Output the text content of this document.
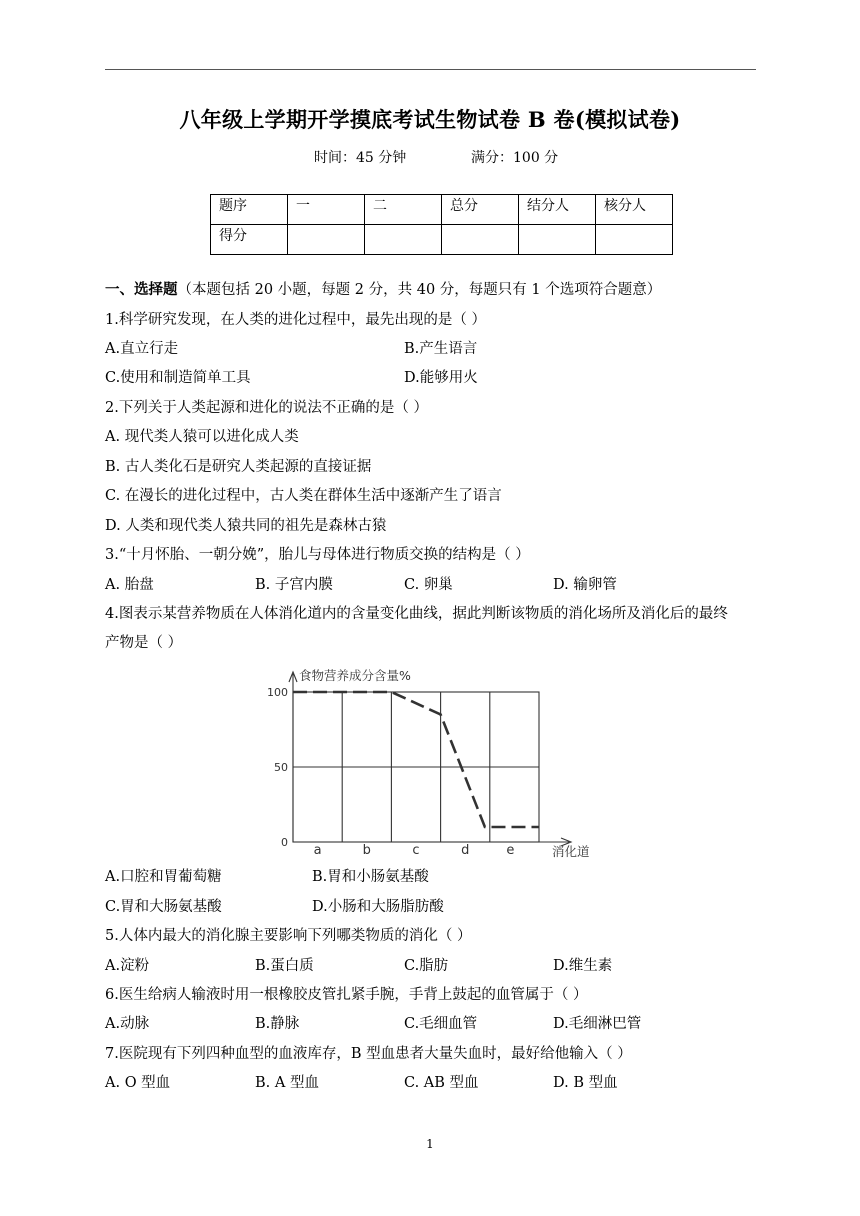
八年级上学期开学摸底考试生物试卷 B 卷(模拟试卷)
时间：45 分钟	满分：100 分
题序	一	二	总分	结分人	核分人
得分					
一、选择题（本题包括 20 小题，每题 2 分，共 40 分，每题只有 1 个选项符合题意）
1.科学研究发现，在人类的进化过程中，最先出现的是（ ）
A.直立行走	B.产生语言
C.使用和制造简单工具	D.能够用火
2.下列关于人类起源和进化的说法不正确的是（ ）
A. 现代类人猿可以进化成人类
B. 古人类化石是研究人类起源的直接证据
C. 在漫长的进化过程中，古人类在群体生活中逐渐产生了语言
D. 人类和现代类人猿共同的祖先是森林古猿
3.“十月怀胎、一朝分娩”，胎儿与母体进行物质交换的结构是（ ）
A. 胎盘	B. 子宫内膜	C. 卵巢	D. 输卵管
4.图表示某营养物质在人体消化道内的含量变化曲线，据此判断该物质的消化场所及消化后的最终
产物是（ ）
0
50
100
a	b	c	d	e
食物营养成分含量%
消化道
A.口腔和胃葡萄糖	B.胃和小肠氨基酸
C.胃和大肠氨基酸	D.小肠和大肠脂肪酸
5.人体内最大的消化腺主要影响下列哪类物质的消化（ ）
A.淀粉	B.蛋白质	C.脂肪	D.维生素
6.医生给病人输液时用一根橡胶皮管扎紧手腕，手背上鼓起的血管属于（ ）
A.动脉	B.静脉	C.毛细血管	D.毛细淋巴管
7.医院现有下列四种血型的血液库存，B 型血患者大量失血时，最好给他输入（ ）
A. O 型血	B. A 型血	C. AB 型血	D. B 型血
1
